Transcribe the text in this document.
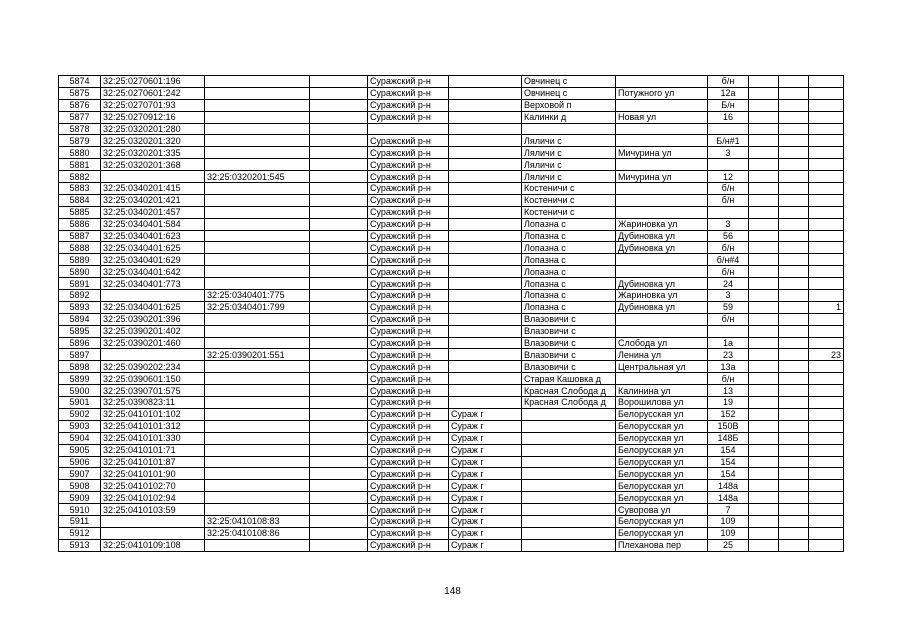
5874	32:25:0270601:196			Суражский р-н		Овчинец с		б/н			
5875	32:25:0270601:242			Суражский р-н		Овчинец с	Потужного ул	12а			
5876	32:25:0270701:93			Суражский р-н		Верховой п		Б/н			
5877	32:25:0270912:16			Суражский р-н		Калинки д	Новая ул	16			
5878	32:25:0320201:280										
5879	32:25:0320201:320			Суражский р-н		Ляличи с		Б/н#1			
5880	32:25:0320201:335			Суражский р-н		Ляличи с	Мичурина ул	3			
5881	32:25:0320201:368			Суражский р-н		Ляличи с					
5882		32:25:0320201:545		Суражский р-н		Ляличи с	Мичурина ул	12			
5883	32:25:0340201:415			Суражский р-н		Костеничи с		б/н			
5884	32:25:0340201:421			Суражский р-н		Костеничи с		б/н			
5885	32:25:0340201:457			Суражский р-н		Костеничи с					
5886	32:25:0340401:584			Суражский р-н		Лопазна с	Жариновка ул	3			
5887	32:25:0340401:623			Суражский р-н		Лопазна с	Дубиновка ул	56			
5888	32:25:0340401:625			Суражский р-н		Лопазна с	Дубиновка ул	б/н			
5889	32:25:0340401:629			Суражский р-н		Лопазна с		б/н#4			
5890	32:25:0340401:642			Суражский р-н		Лопазна с		б/н			
5891	32:25:0340401:773			Суражский р-н		Лопазна с	Дубиновка ул	24			
5892		32:25:0340401:775		Суражский р-н		Лопазна с	Жариновка ул	3			
5893	32:25:0340401:625	32:25:0340401:799		Суражский р-н		Лопазна с	Дубиновка ул	59			1
5894	32:25:0390201:396			Суражский р-н		Влазовичи с		б/н			
5895	32:25:0390201:402			Суражский р-н		Влазовичи с					
5896	32:25:0390201:460			Суражский р-н		Влазовичи с	Слобода ул	1а			
5897		32:25:0390201:551		Суражский р-н		Влазовичи с	Ленина ул	23			23
5898	32:25:0390202:234			Суражский р-н		Влазовичи с	Центральная ул	13а			
5899	32:25:0390601:150			Суражский р-н		Старая Кашовка д		б/н			
5900	32:25:0390701:575			Суражский р-н		Красная Слобода д	Калинина ул	13			
5901	32:25:0390823:11			Суражский р-н		Красная Слобода д	Ворошилова ул	19			
5902	32:25:0410101:102			Суражский р-н	Сураж г		Белорусская ул	152			
5903	32:25:0410101:312			Суражский р-н	Сураж г		Белорусская ул	150В			
5904	32:25:0410101:330			Суражский р-н	Сураж г		Белорусская ул	148Б			
5905	32:25:0410101:71			Суражский р-н	Сураж г		Белорусская ул	154			
5906	32:25:0410101:87			Суражский р-н	Сураж г		Белорусская ул	154			
5907	32:25:0410101:90			Суражский р-н	Сураж г		Белорусская ул	154			
5908	32:25:0410102:70			Суражский р-н	Сураж г		Белорусская ул	148а			
5909	32:25:0410102:94			Суражский р-н	Сураж г		Белорусская ул	148а			
5910	32:25:0410103:59			Суражский р-н	Сураж г		Суворова ул	7			
5911		32:25:0410108:83		Суражский р-н	Сураж г		Белорусская ул	109			
5912		32:25:0410108:86		Суражский р-н	Сураж г		Белорусская ул	109			
5913	32:25:0410109:108			Суражский р-н	Сураж г		Плеханова пер	25			
148
